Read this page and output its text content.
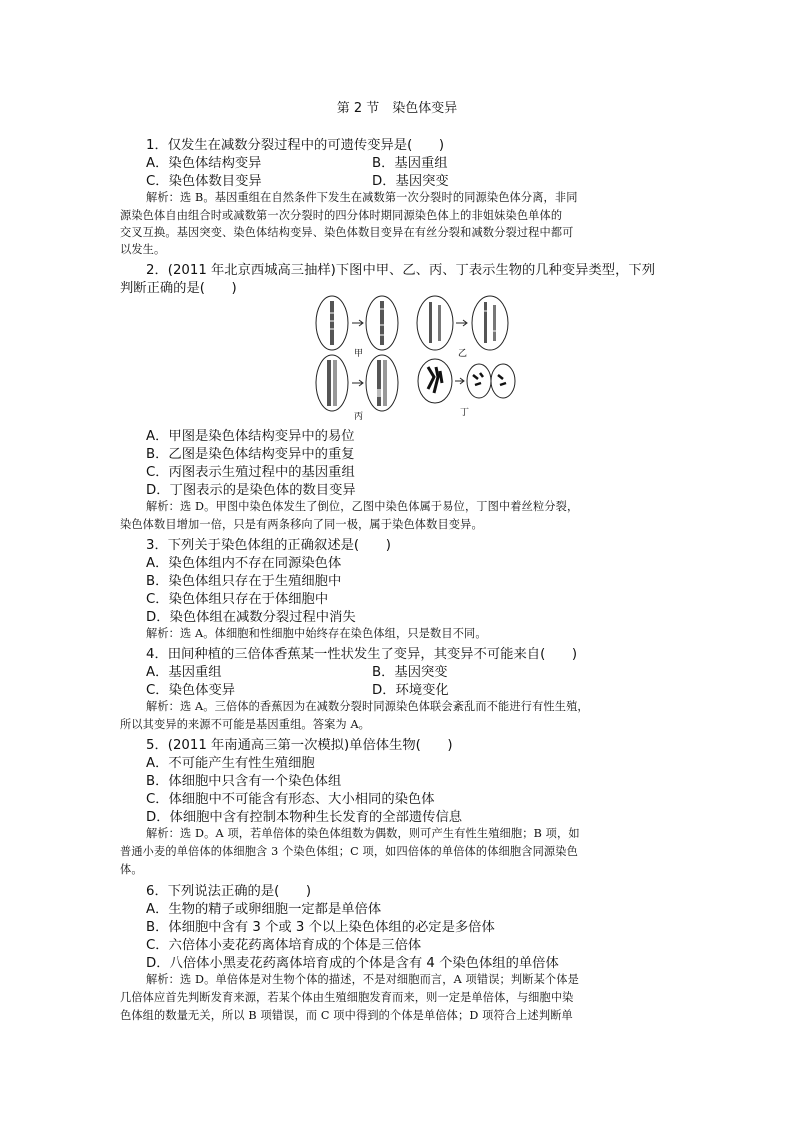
第 2 节　染色体变异
1．仅发生在减数分裂过程中的可遗传变异是(　　)
A．染色体结构变异	B．基因重组
C．染色体数目变异	D．基因突变
解析：选 B。基因重组在自然条件下发生在减数第一次分裂时的同源染色体分离，非同
源染色体自由组合时或减数第一次分裂时的四分体时期同源染色体上的非姐妹染色单体的
交叉互换。基因突变、染色体结构变异、染色体数目变异在有丝分裂和减数分裂过程中都可
以发生。
2．(2011 年北京西城高三抽样)下图中甲、乙、丙、丁表示生物的几种变异类型，下列
判断正确的是(　　)
甲	乙
丙	丁
A．甲图是染色体结构变异中的易位
B．乙图是染色体结构变异中的重复
C．丙图表示生殖过程中的基因重组
D．丁图表示的是染色体的数目变异
解析：选 D。甲图中染色体发生了倒位，乙图中染色体属于易位，丁图中着丝粒分裂，
染色体数目增加一倍，只是有两条移向了同一极，属于染色体数目变异。
3．下列关于染色体组的正确叙述是(　　)
A．染色体组内不存在同源染色体
B．染色体组只存在于生殖细胞中
C．染色体组只存在于体细胞中
D．染色体组在减数分裂过程中消失
解析：选 A。体细胞和性细胞中始终存在染色体组，只是数目不同。
4．田间种植的三倍体香蕉某一性状发生了变异，其变异不可能来自(　　)
A．基因重组	B．基因突变
C．染色体变异	D．环境变化
解析：选 A。三倍体的香蕉因为在减数分裂时同源染色体联会紊乱而不能进行有性生殖，
所以其变异的来源不可能是基因重组。答案为 A。
5．(2011 年南通高三第一次模拟)单倍体生物(　　)
A．不可能产生有性生殖细胞
B．体细胞中只含有一个染色体组
C．体细胞中不可能含有形态、大小相同的染色体
D．体细胞中含有控制本物种生长发育的全部遗传信息
解析：选 D。A 项，若单倍体的染色体组数为偶数，则可产生有性生殖细胞；B 项，如
普通小麦的单倍体的体细胞含 3 个染色体组；C 项，如四倍体的单倍体的体细胞含同源染色
体。
6．下列说法正确的是(　　)
A．生物的精子或卵细胞一定都是单倍体
B．体细胞中含有 3 个或 3 个以上染色体组的必定是多倍体
C．六倍体小麦花药离体培育成的个体是三倍体
D．八倍体小黑麦花药离体培育成的个体是含有 4 个染色体组的单倍体
解析：选 D。单倍体是对生物个体的描述，不是对细胞而言，A 项错误；判断某个体是
几倍体应首先判断发育来源，若某个体由生殖细胞发育而来，则一定是单倍体，与细胞中染
色体组的数量无关，所以 B 项错误，而 C 项中得到的个体是单倍体；D 项符合上述判断单
